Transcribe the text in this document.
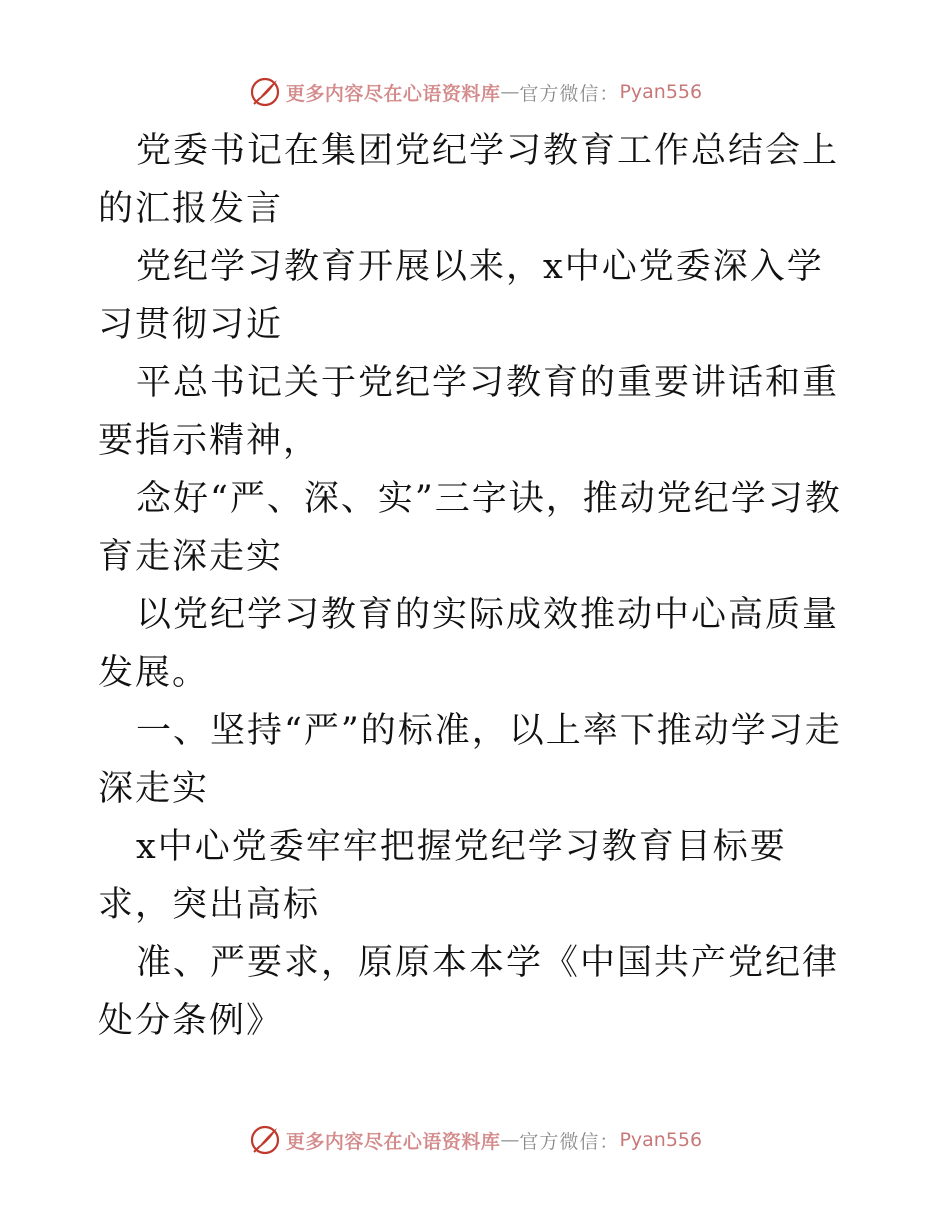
更多内容尽在心语资料库 — 官方微信： Pyan556

党委书记在集团党纪学习教育工作总结会上的汇报发言

党纪学习教育开展以来，x中心党委深入学习贯彻习近

平总书记关于党纪学习教育的重要讲话和重要指示精神，

念好“严、深、实”三字诀，推动党纪学习教育走深走实

以党纪学习教育的实际成效推动中心高质量发展。

一、坚持“严”的标准，以上率下推动学习走深走实

x中心党委牢牢把握党纪学习教育目标要求，突出高标

准、严要求，原原本本学《中国共产党纪律处分条例》

更多内容尽在心语资料库 — 官方微信： Pyan556
